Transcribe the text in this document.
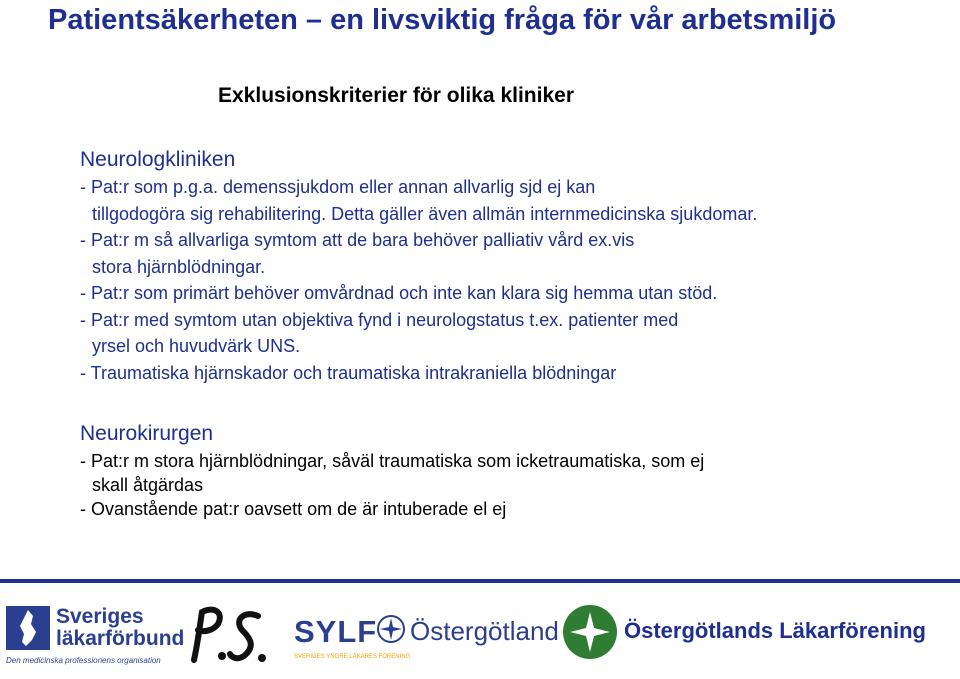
Patientsäkerheten – en livsviktig fråga för vår arbetsmiljö
Exklusionskriterier för olika kliniker
Neurologkliniken
- Pat:r som p.g.a. demenssjukdom eller annan allvarlig sjd ej kan
tillgodogöra sig rehabilitering. Detta gäller även allmän internmedicinska sjukdomar.
- Pat:r m så allvarliga symtom att de bara behöver palliativ vård ex.vis
stora hjärnblödningar.
- Pat:r som primärt behöver omvårdnad och inte kan klara sig hemma utan stöd.
- Pat:r med symtom utan objektiva fynd i neurologstatus t.ex. patienter med
yrsel och huvudvärk UNS.
- Traumatiska hjärnskador och traumatiska intrakraniella blödningar
Neurokirurgen
- Pat:r m stora hjärnblödningar, såväl traumatiska som icketraumatiska, som ej
skall åtgärdas
- Ovanstående pat:r oavsett om de är intuberade el ej
Sveriges
läkarförbund
Den medicinska professionens organisation
SYLF
SVERIGES YNGRE LÄKARES FÖRENING
Östergötland	Östergötlands Läkarförening
